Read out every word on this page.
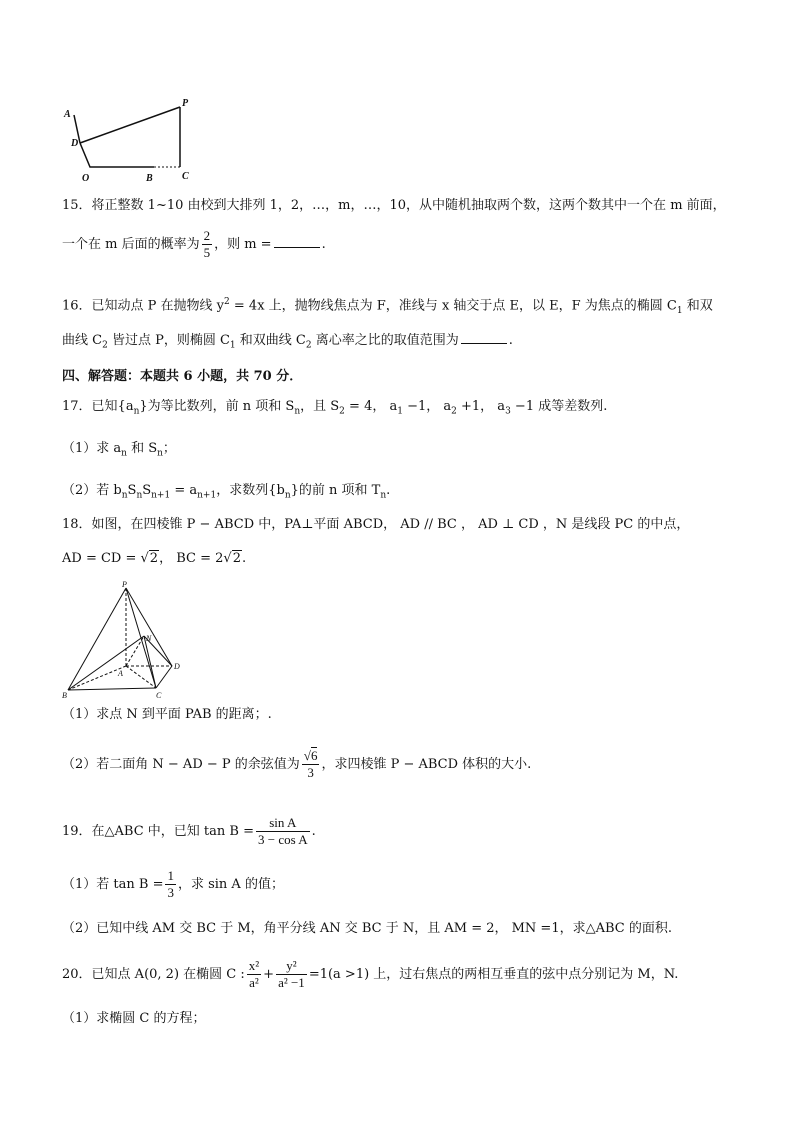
A
P
D
O	B	C
15．将正整数 1~10 由校到大排列 1，2，…，m，…，10，从中随机抽取两个数，这两个数其中一个在 m 前面，
一个在 m 后面的概率为 $\frac{2}{5}$ ，则 m =	.
16．已知动点 P 在抛物线 $y^2 = 4x$ 上，抛物线焦点为 F，准线与 x 轴交于点 E，以 E，F 为焦点的椭圆 $C_1$ 和双
曲线 $C_2$ 皆过点 P，则椭圆 $C_1$ 和双曲线 $C_2$ 离心率之比的取值范围为	.
四、解答题：本题共 6 小题，共 70 分．
17．已知$\{a_n\}$为等比数列，前 n 项和 $S_n$，且 $S_2 = 4$， $a_1 -1$， $a_2 +1$， $a_3 -1$ 成等差数列.
（1）求 $a_n$ 和 $S_n$；
（2）若 $b_nS_nS_{n+1} = a_{n+1}$，求数列$\{b_n\}$的前 n 项和 $T_n$.
18．如图，在四棱锥 P − ABCD 中，PA⊥平面 ABCD， AD // BC ， AD ⊥ CD ，N 是线段 PC 的中点，
AD = CD = √2， BC = 2√2.
P
N
A
D
B	C
（1）求点 N 到平面 PAB 的距离；.
（2）若二面角 N − AD − P 的余弦值为 $\frac{√6}{3}$ ，求四棱锥 P − ABCD 体积的大小.
19．在△ABC 中，已知 $\tan B = \frac{\text{sin A}}{\text{3 − cos A}}$ .
（1）若 $\tan B = \frac{1}{3}$ ，求 sin A 的值；
（2）已知中线 AM 交 BC 于 M，角平分线 AN 交 BC 于 N，且 AM = 2， MN =1，求△ABC 的面积.
20．已知点 A(0, 2) 在椭圆 C : $\frac{\text{x²}}{\text{a²}} + \frac{\text{y²}}{\text{a² −1}} =1(a >1)$ 上，过右焦点的两相互垂直的弦中点分别记为 M，N.
（1）求椭圆 C 的方程；
